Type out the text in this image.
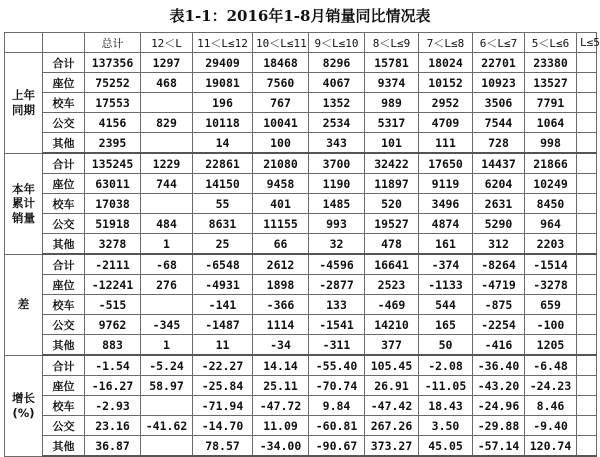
表1-1：2016年1-8月销量同比情况表
		总计	12＜L	11＜L≤12	10＜L≤11	9＜L≤10	8＜L≤9	7＜L≤8	6＜L≤7	5＜L≤6	L≤5
上年
同期	合计	137356	1297	29409	18468	8296	15781	18024	22701	23380	
	座位	75252	468	19081	7560	4067	9374	10152	10923	13527	
	校车	17553		196	767	1352	989	2952	3506	7791	
	公交	4156	829	10118	10041	2534	5317	4709	7544	1064	
	其他	2395		14	100	343	101	111	728	998	
本年
累计
销量	合计	135245	1229	22861	21080	3700	32422	17650	14437	21866	
	座位	63011	744	14150	9458	1190	11897	9119	6204	10249	
	校车	17038		55	401	1485	520	3496	2631	8450	
	公交	51918	484	8631	11155	993	19527	4874	5290	964	
	其他	3278	1	25	66	32	478	161	312	2203	
差	合计	-2111	-68	-6548	2612	-4596	16641	-374	-8264	-1514	
	座位	-12241	276	-4931	1898	-2877	2523	-1133	-4719	-3278	
	校车	-515		-141	-366	133	-469	544	-875	659	
	公交	9762	-345	-1487	1114	-1541	14210	165	-2254	-100	
	其他	883	1	11	-34	-311	377	50	-416	1205	
增长
(%)	合计	-1.54	-5.24	-22.27	14.14	-55.40	105.45	-2.08	-36.40	-6.48	
	座位	-16.27	58.97	-25.84	25.11	-70.74	26.91	-11.05	-43.20	-24.23	
	校车	-2.93		-71.94	-47.72	9.84	-47.42	18.43	-24.96	8.46	
	公交	23.16	-41.62	-14.70	11.09	-60.81	267.26	3.50	-29.88	-9.40	
	其他	36.87		78.57	-34.00	-90.67	373.27	45.05	-57.14	120.74	
